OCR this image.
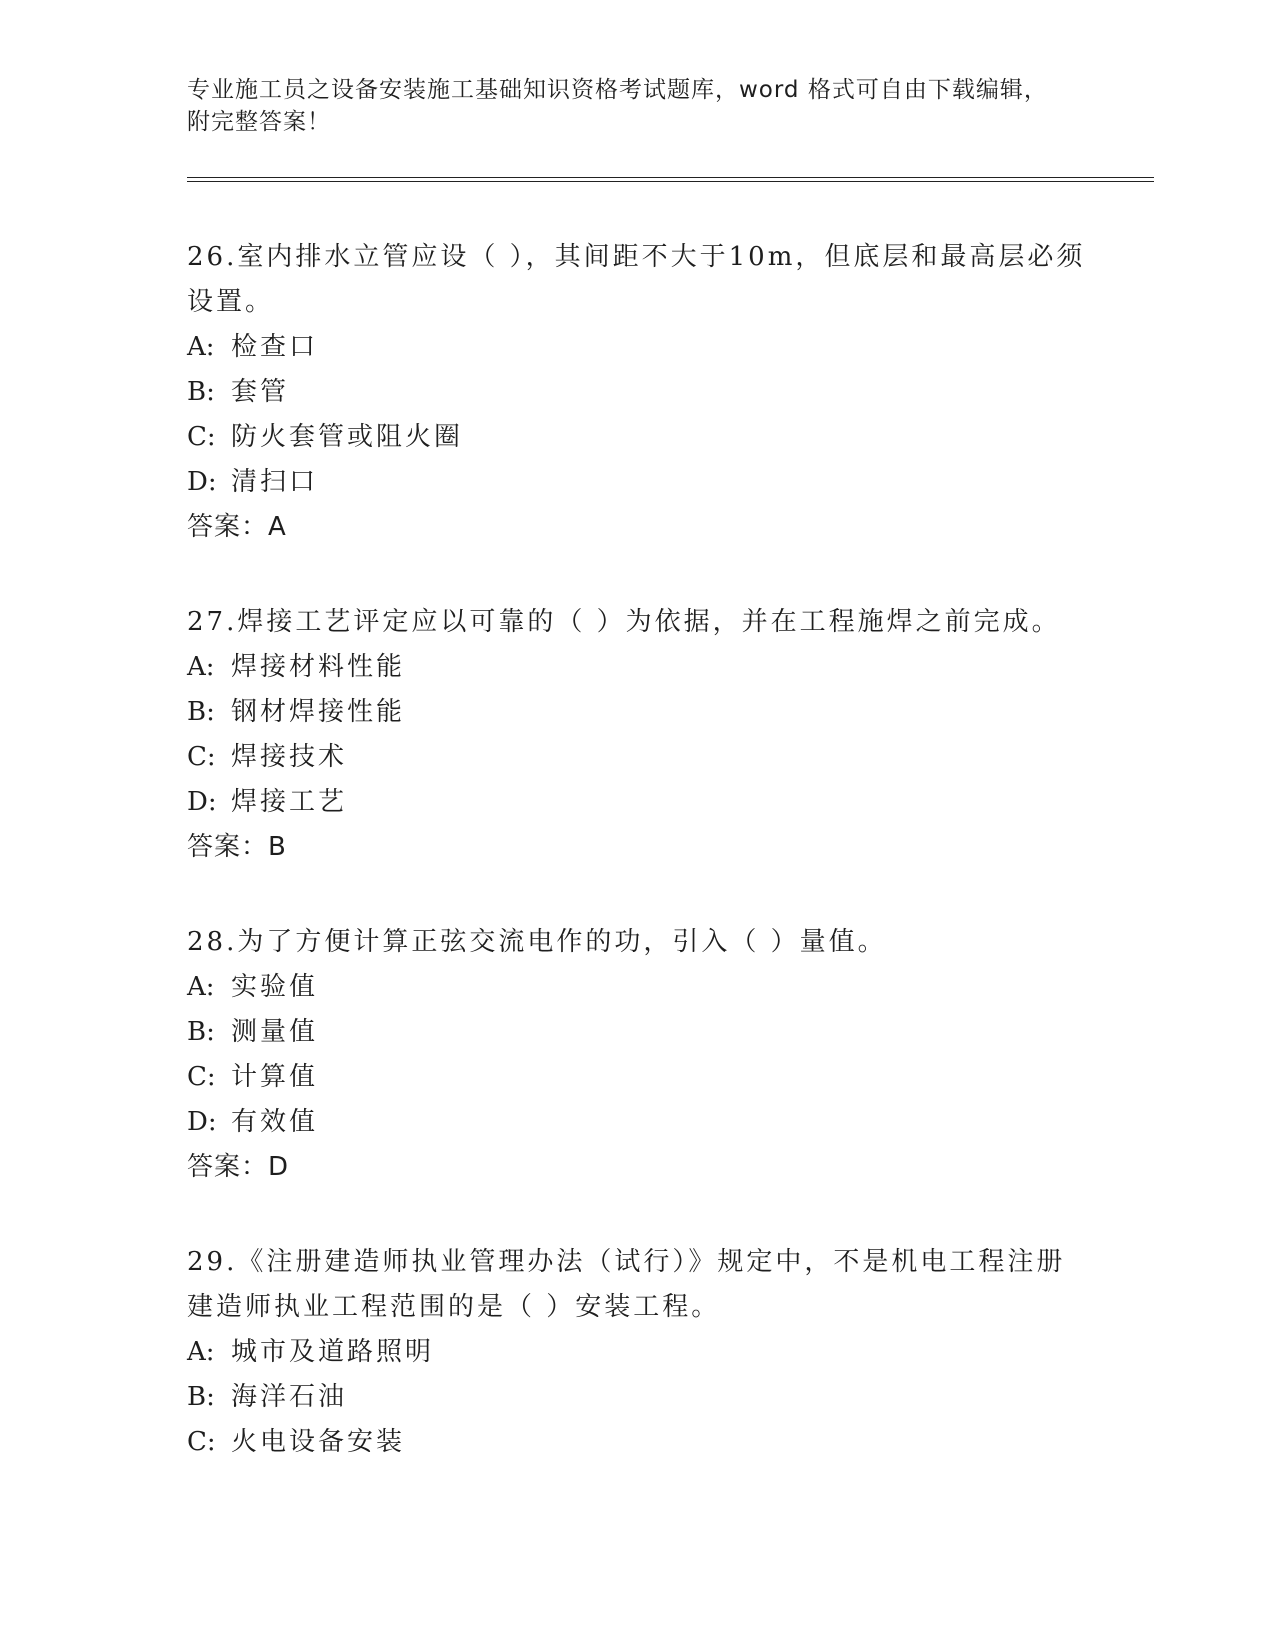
专业施工员之设备安装施工基础知识资格考试题库，word 格式可自由下载编辑，
附完整答案！
26.室内排水立管应设（ ），其间距不大于10m，但底层和最高层必须
设置。
A: 检查口
B: 套管
C: 防火套管或阻火圈
D: 清扫口
答案：A
27.焊接工艺评定应以可靠的（ ）为依据，并在工程施焊之前完成。
A: 焊接材料性能
B: 钢材焊接性能
C: 焊接技术
D: 焊接工艺
答案：B
28.为了方便计算正弦交流电作的功，引入（ ）量值。
A: 实验值
B: 测量值
C: 计算值
D: 有效值
答案：D
29.《注册建造师执业管理办法（试行）》规定中，不是机电工程注册
建造师执业工程范围的是（ ）安装工程。
A: 城市及道路照明
B: 海洋石油
C: 火电设备安装
